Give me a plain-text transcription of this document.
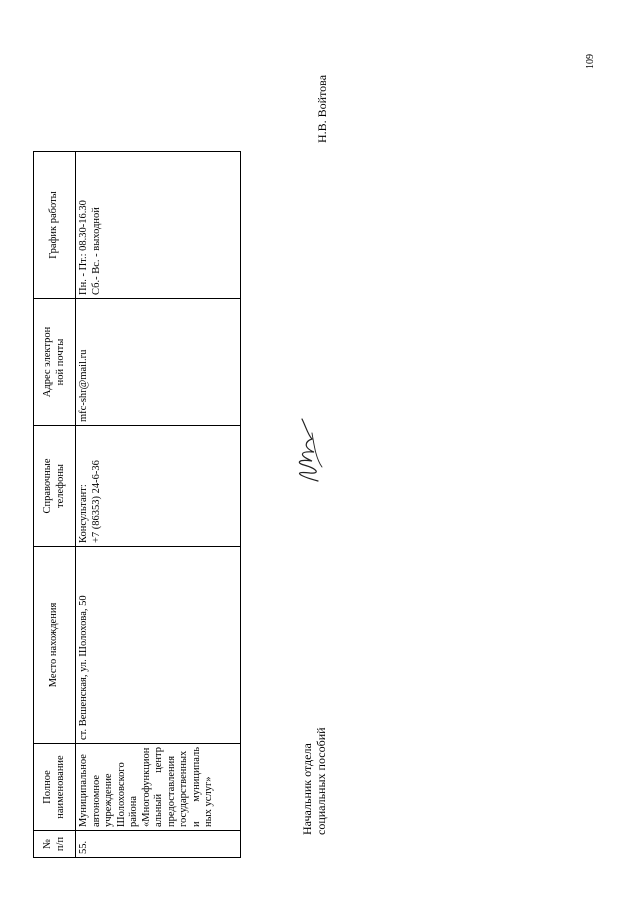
№ п/п	Полное наименование	Место нахождения	Справочные телефоны	Адрес электрон ной почты	График работы
55.	Муниципальное автономное учреждение Шолоховского района «Многофункцион альный центр предоставления государственных и муниципаль ных услуг»	ст. Вешенская, ул. Шолохова, 50	Консультант: +7 (86353) 24-6-36	mfc-shr@mail.ru	Пн. - Пт.: 08.30-16.30 Сб.- Вс. - выходной
Начальник отдела социальных пособий
Н.В. Войтова
109
